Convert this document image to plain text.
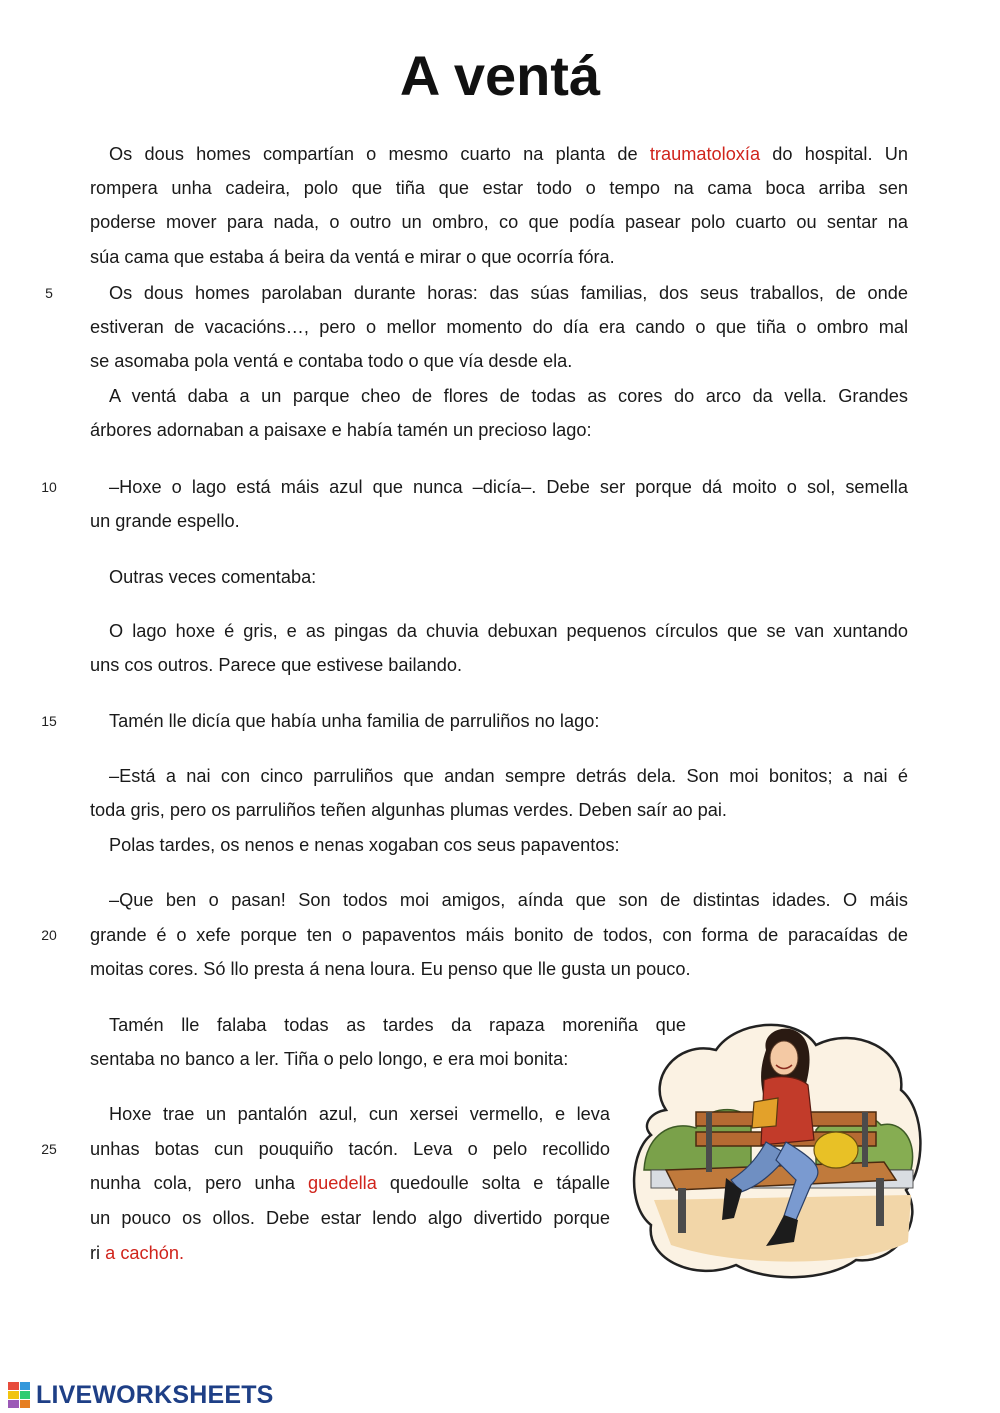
A ventá
Os dous homes compartían o mesmo cuarto na planta de traumatoloxía do hospital. Un
rompera unha cadeira, polo que tiña que estar todo o tempo na cama boca arriba sen
poderse mover para nada, o outro un ombro, co que podía pasear polo cuarto ou sentar na
súa cama que estaba á beira da ventá e mirar o que ocorría fóra.
Os dous homes parolaban durante horas: das súas familias, dos seus traballos, de onde
5
estiveran de vacacións…, pero o mellor momento do día era cando o que tiña o ombro mal
se asomaba pola ventá e contaba todo o que vía desde ela.
A ventá daba a un parque cheo de flores de todas as cores do arco da vella. Grandes
árbores adornaban a paisaxe e había tamén un precioso lago:
–Hoxe o lago está máis azul que nunca –dicía–. Debe ser porque dá moito o sol, semella
10
un grande espello.
Outras veces comentaba:
O lago hoxe é gris, e as pingas da chuvia debuxan pequenos círculos que se van xuntando
uns cos outros. Parece que estivese bailando.
Tamén lle dicía que había unha familia de parruliños no lago:
15
–Está a nai con cinco parruliños que andan sempre detrás dela. Son moi bonitos; a nai é
toda gris, pero os parruliños teñen algunhas plumas verdes. Deben saír ao pai.
Polas tardes, os nenos e nenas xogaban cos seus papaventos:
–Que ben o pasan! Son todos moi amigos, aínda que son de distintas idades. O máis
grande é o xefe porque ten o papaventos máis bonito de todos, con forma de paracaídas de
20
moitas cores. Só llo presta á nena loura. Eu penso que lle gusta un pouco.
Tamén lle falaba todas as tardes da rapaza moreniña que
sentaba no banco a ler. Tiña o pelo longo, e era moi bonita:
Hoxe trae un pantalón azul, cun xersei vermello, e leva
unhas botas cun pouquiño tacón. Leva o pelo recollido
25
nunha cola, pero unha guedella quedoulle solta e tápalle
un pouco os ollos. Debe estar lendo algo divertido porque
ri a cachón.
LIVEWORKSHEETS
